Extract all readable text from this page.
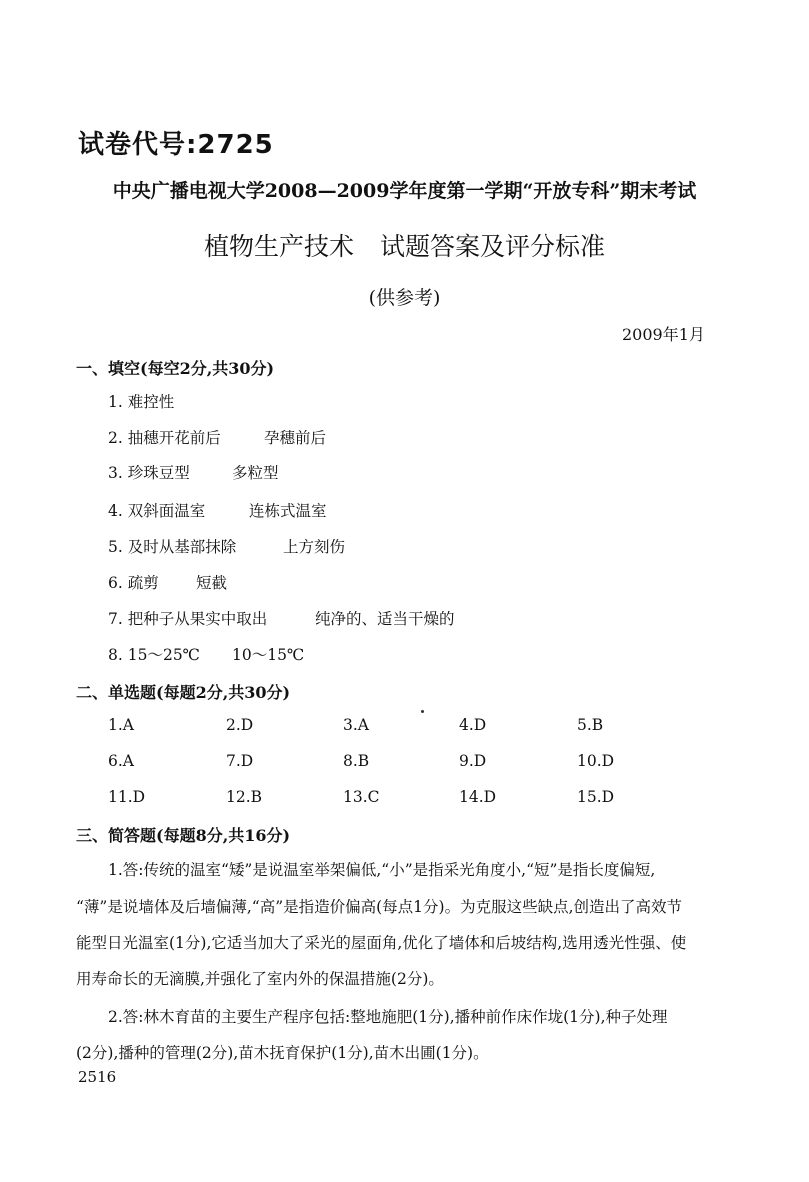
试卷代号:2725
中央广播电视大学2008—2009学年度第一学期“开放专科”期末考试
植物生产技术 试题答案及评分标准
(供参考)
2009年1月
一、填空(每空2分,共30分)
1. 难控性
2. 抽穗开花前后	孕穗前后
3. 珍珠豆型	多粒型
4. 双斜面温室	连栋式温室
5. 及时从基部抹除	上方刻伤
6. 疏剪 短截
7. 把种子从果实中取出	纯净的、适当干燥的
8. 15～25℃ 10～15℃
二、单选题(每题2分,共30分)
1.A	2.D	3.A	4.D	5.B
6.A	7.D	8.B	9.D	10.D
11.D	12.B	13.C	14.D	15.D
三、简答题(每题8分,共16分)
1.答:传统的温室“矮”是说温室举架偏低,“小”是指采光角度小,“短”是指长度偏短,
“薄”是说墙体及后墙偏薄,“高”是指造价偏高(每点1分)。为克服这些缺点,创造出了高效节
能型日光温室(1分),它适当加大了采光的屋面角,优化了墙体和后坡结构,选用透光性强、使
用寿命长的无滴膜,并强化了室内外的保温措施(2分)。
2.答:林木育苗的主要生产程序包括:整地施肥(1分),播种前作床作垅(1分),种子处理
(2分),播种的管理(2分),苗木抚育保护(1分),苗木出圃(1分)。
2516
